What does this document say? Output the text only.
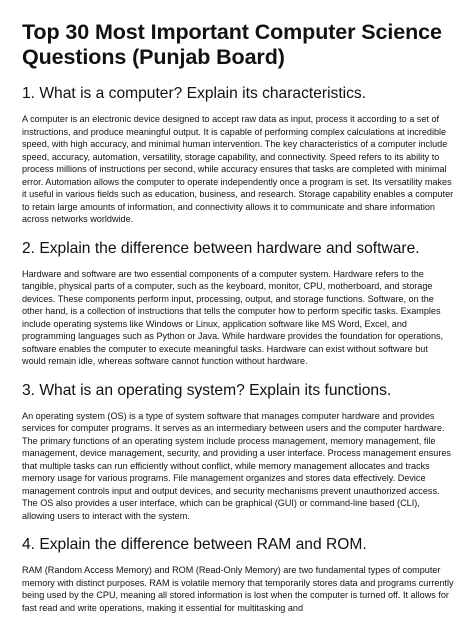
Top 30 Most Important Computer Science Questions (Punjab Board)
1. What is a computer? Explain its characteristics.

A computer is an electronic device designed to accept raw data as input, process it according to a set of instructions, and produce meaningful output. It is capable of performing complex calculations at incredible speed, with high accuracy, and minimal human intervention. The key characteristics of a computer include speed, accuracy, automation, versatility, storage capability, and connectivity. Speed refers to its ability to process millions of instructions per second, while accuracy ensures that tasks are completed with minimal error. Automation allows the computer to operate independently once a program is set. Its versatility makes it useful in various fields such as education, business, and research. Storage capability enables a computer to retain large amounts of information, and connectivity allows it to communicate and share information across networks worldwide.

2. Explain the difference between hardware and software.

Hardware and software are two essential components of a computer system. Hardware refers to the tangible, physical parts of a computer, such as the keyboard, monitor, CPU, motherboard, and storage devices. These components perform input, processing, output, and storage functions. Software, on the other hand, is a collection of instructions that tells the computer how to perform specific tasks. Examples include operating systems like Windows or Linux, application software like MS Word, Excel, and programming languages such as Python or Java. While hardware provides the foundation for operations, software enables the computer to execute meaningful tasks. Hardware can exist without software but would remain idle, whereas software cannot function without hardware.

3. What is an operating system? Explain its functions.

An operating system (OS) is a type of system software that manages computer hardware and provides services for computer programs. It serves as an intermediary between users and the computer hardware. The primary functions of an operating system include process management, memory management, file management, device management, security, and providing a user interface. Process management ensures that multiple tasks can run efficiently without conflict, while memory management allocates and tracks memory usage for various programs. File management organizes and stores data effectively. Device management controls input and output devices, and security mechanisms prevent unauthorized access. The OS also provides a user interface, which can be graphical (GUI) or command-line based (CLI), allowing users to interact with the system.

4. Explain the difference between RAM and ROM.

RAM (Random Access Memory) and ROM (Read-Only Memory) are two fundamental types of computer memory with distinct purposes. RAM is volatile memory that temporarily stores data and programs currently being used by the CPU, meaning all stored information is lost when the computer is turned off. It allows for fast read and write operations, making it essential for multitasking and
